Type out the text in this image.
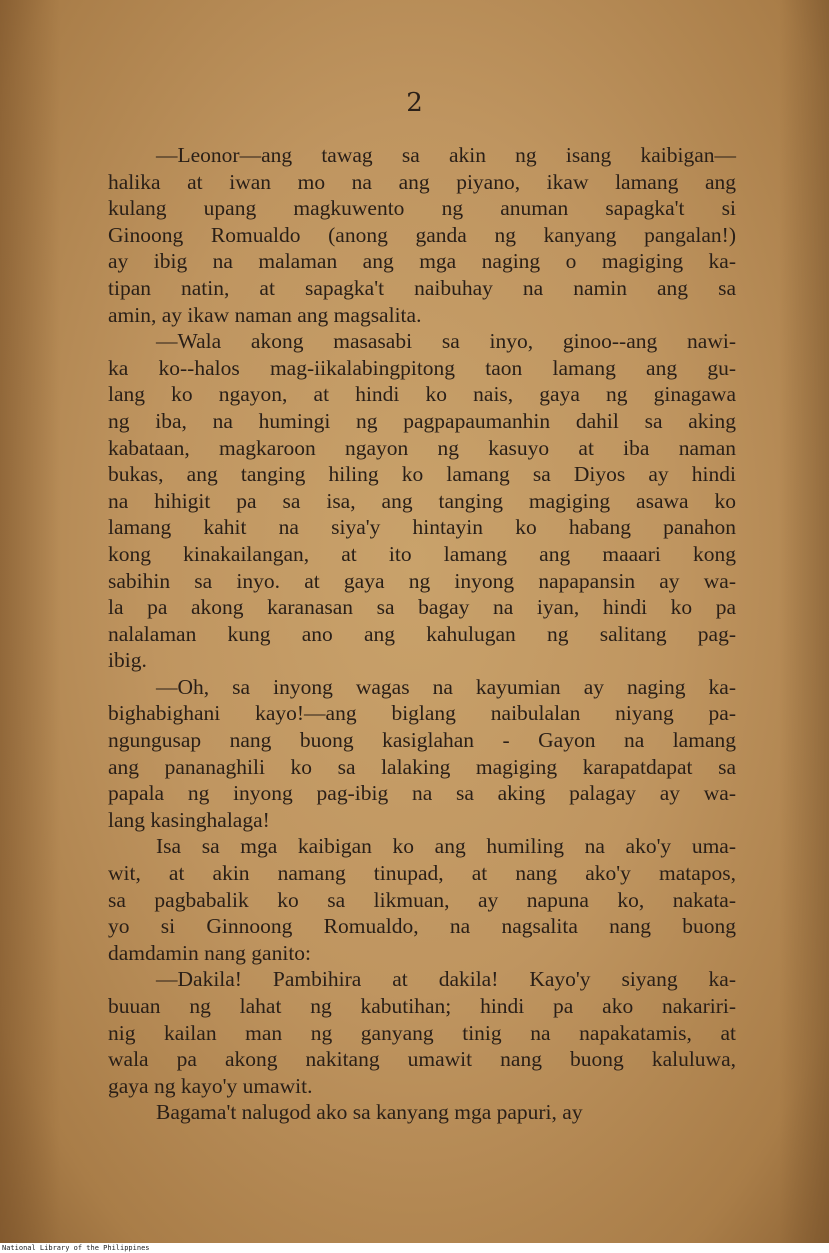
2
—Leonor—ang tawag sa akin ng isang kaibigan—
halika at iwan mo na ang piyano, ikaw lamang ang
kulang upang magkuwento ng anuman sapagka't si
Ginoong Romualdo (anong ganda ng kanyang pangalan!)
ay ibig na malaman ang mga naging o magiging ka-
tipan natin, at sapagka't naibuhay na namin ang sa
amin, ay ikaw naman ang magsalita.
—Wala akong masasabi sa inyo, ginoo--ang nawi-
ka ko--halos mag-iikalabingpitong taon lamang ang gu-
lang ko ngayon, at hindi ko nais, gaya ng ginagawa
ng iba, na humingi ng pagpapaumanhin dahil sa aking
kabataan, magkaroon ngayon ng kasuyo at iba naman
bukas, ang tanging hiling ko lamang sa Diyos ay hindi
na hihigit pa sa isa, ang tanging magiging asawa ko
lamang kahit na siya'y hintayin ko habang panahon
kong kinakailangan, at ito lamang ang maaari kong
sabihin sa inyo. at gaya ng inyong napapansin ay wa-
la pa akong karanasan sa bagay na iyan, hindi ko pa
nalalaman kung ano ang kahulugan ng salitang pag-
ibig.
—Oh, sa inyong wagas na kayumian ay naging ka-
bighabighani kayo!—ang biglang naibulalan niyang pa-
ngungusap nang buong kasiglahan - Gayon na lamang
ang pananaghili ko sa lalaking magiging karapatdapat sa
papala ng inyong pag-ibig na sa aking palagay ay wa-
lang kasinghalaga!
Isa sa mga kaibigan ko ang humiling na ako'y uma-
wit, at akin namang tinupad, at nang ako'y matapos,
sa pagbabalik ko sa likmuan, ay napuna ko, nakata-
yo si Ginnoong Romualdo, na nagsalita nang buong
damdamin nang ganito:
—Dakila! Pambihira at dakila! Kayo'y siyang ka-
buuan ng lahat ng kabutihan; hindi pa ako nakariri-
nig kailan man ng ganyang tinig na napakatamis, at
wala pa akong nakitang umawit nang buong kaluluwa,
gaya ng kayo'y umawit.
Bagama't nalugod ako sa kanyang mga papuri, ay
National Library of the Philippines
